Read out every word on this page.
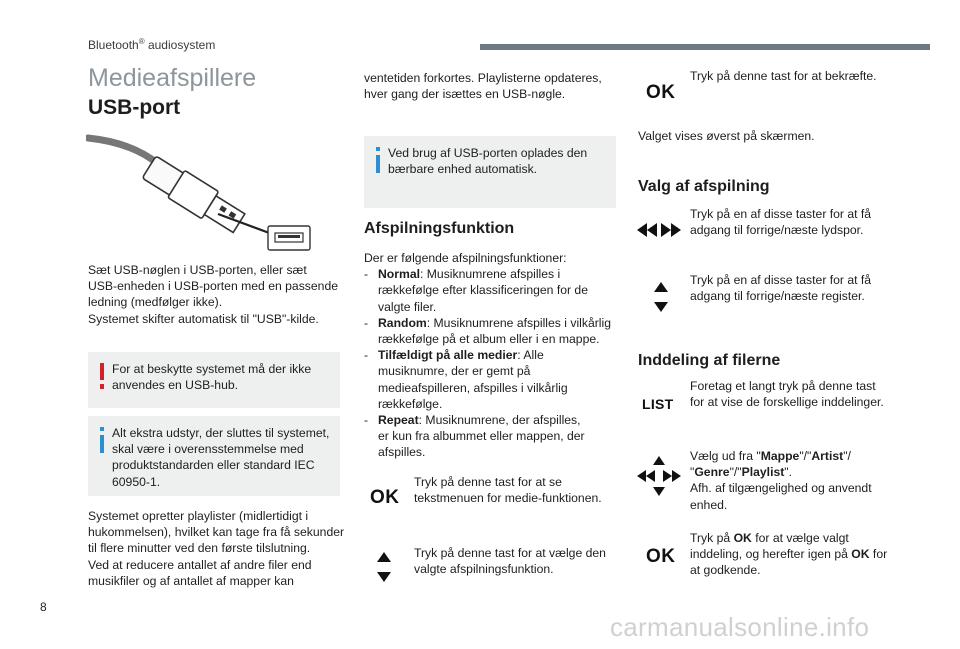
Bluetooth® audiosystem
Medieafspillere
USB-port
Sæt USB-nøglen i USB-porten, eller sæt
USB-enheden i USB-porten med en passende
ledning (medfølger ikke).
Systemet skifter automatisk til "USB"-kilde.
For at beskytte systemet må der ikke
anvendes en USB-hub.
Alt ekstra udstyr, der sluttes til systemet,
skal være i overensstemmelse med
produktstandarden eller standard IEC
60950-1.
Systemet opretter playlister (midlertidigt i
hukommelsen), hvilket kan tage fra få sekunder
til flere minutter ved den første tilslutning.
Ved at reducere antallet af andre filer end
musikfiler og af antallet af mapper kan
ventetiden forkortes. Playlisterne opdateres,
hver gang der isættes en USB-nøgle.
Ved brug af USB-porten oplades den
bærbare enhed automatisk.
Afspilningsfunktion
Der er følgende afspilningsfunktioner:
- Normal: Musiknumrene afspilles i
rækkefølge efter klassificeringen for de
valgte filer.
- Random: Musiknumrene afspilles i vilkårlig
rækkefølge på et album eller i en mappe.
- Tilfældigt på alle medier: Alle
musiknumre, der er gemt på
medieafspilleren, afspilles i vilkårlig
rækkefølge.
- Repeat: Musiknumrene, der afspilles,
er kun fra albummet eller mappen, der
afspilles.
OK
Tryk på denne tast for at se
tekstmenuen for medie-funktionen.
Tryk på denne tast for at vælge den
valgte afspilningsfunktion.
OK
Tryk på denne tast for at bekræfte.
Valget vises øverst på skærmen.
Valg af afspilning
Tryk på en af disse taster for at få
adgang til forrige/næste lydspor.
Tryk på en af disse taster for at få
adgang til forrige/næste register.
Inddeling af filerne
LIST
Foretag et langt tryk på denne tast
for at vise de forskellige inddelinger.
Vælg ud fra "Mappe"/"Artist"/
"Genre"/"Playlist".
Afh. af tilgængelighed og anvendt
enhed.
OK
Tryk på OK for at vælge valgt
inddeling, og herefter igen på OK for
at godkende.
8
carmanualsonline.info
